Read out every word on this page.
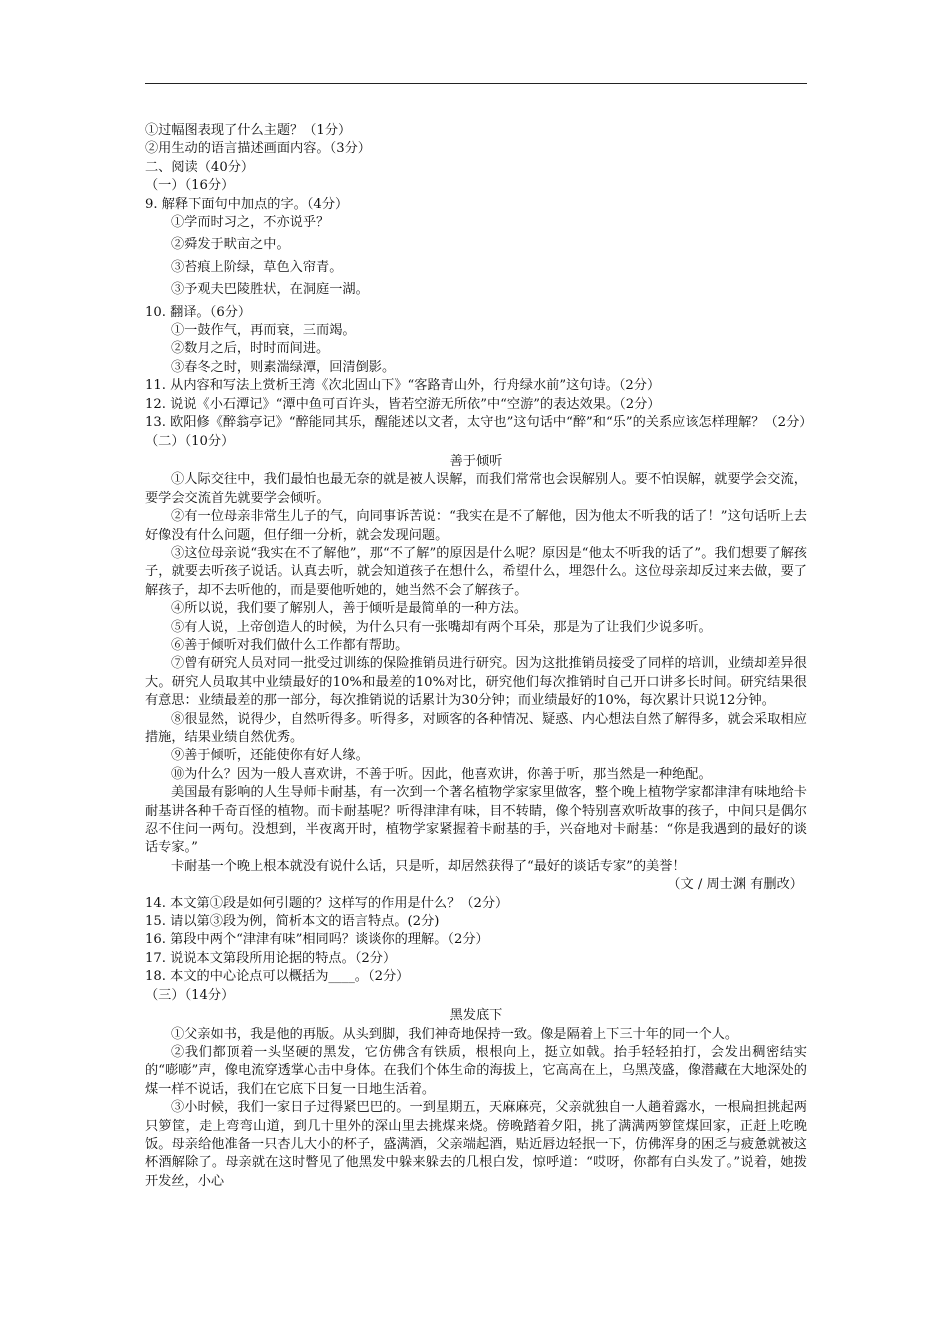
①过幅图表现了什么主题？（1分）
②用生动的语言描述画面内容。（3分）
二、阅读（40分）
（一）（16分）
9. 解释下面句中加点的字。（4分）
①学而时习之，不亦说乎？
②舜发于畎亩之中。
③苔痕上阶绿，草色入帘青。
③予观夫巴陵胜状，在洞庭一湖。
10. 翻译。（6分）
①一鼓作气，再而衰，三而竭。
②数月之后，时时而间进。
③春冬之时，则素湍绿潭，回清倒影。
11. 从内容和写法上赏析王湾《次北固山下》“客路青山外，行舟绿水前”这句诗。（2分）
12. 说说《小石潭记》“潭中鱼可百许头，皆若空游无所依”中“空游”的表达效果。（2分）
13. 欧阳修《醉翁亭记》“醉能同其乐，醒能述以文者，太守也”这句话中“醉”和“乐”的关系应该怎样理解？（2分）
（二）（10分）
善于倾听
①人际交往中，我们最怕也最无奈的就是被人误解，而我们常常也会误解别人。要不怕误解，就要学会交流，要学会交流首先就要学会倾听。
②有一位母亲非常生儿子的气，向同事诉苦说：“我实在是不了解他，因为他太不听我的话了！”这句话听上去好像没有什么问题，但仔细一分析，就会发现问题。
③这位母亲说“我实在不了解他”，那“不了解”的原因是什么呢？原因是“他太不听我的话了”。我们想要了解孩子，就要去听孩子说话。认真去听，就会知道孩子在想什么，希望什么，埋怨什么。这位母亲却反过来去做，要了解孩子，却不去听他的，而是要他听她的，她当然不会了解孩子。
④所以说，我们要了解别人，善于倾听是最简单的一种方法。
⑤有人说，上帝创造人的时候，为什么只有一张嘴却有两个耳朵，那是为了让我们少说多听。
⑥善于倾听对我们做什么工作都有帮助。
⑦曾有研究人员对同一批受过训练的保险推销员进行研究。因为这批推销员接受了同样的培训，业绩却差异很大。研究人员取其中业绩最好的10%和最差的10%对比，研究他们每次推销时自己开口讲多长时间。研究结果很有意思：业绩最差的那一部分，每次推销说的话累计为30分钟；而业绩最好的10%，每次累计只说12分钟。
⑧很显然，说得少，自然听得多。听得多，对顾客的各种情况、疑惑、内心想法自然了解得多，就会采取相应措施，结果业绩自然优秀。
⑨善于倾听，还能使你有好人缘。
⑩为什么？因为一般人喜欢讲，不善于听。因此，他喜欢讲，你善于听，那当然是一种绝配。
美国最有影响的人生导师卡耐基，有一次到一个著名植物学家家里做客，整个晚上植物学家都津津有味地给卡耐基讲各种千奇百怪的植物。而卡耐基呢？听得津津有味，目不转睛，像个特别喜欢听故事的孩子，中间只是偶尔忍不住问一两句。没想到，半夜离开时，植物学家紧握着卡耐基的手，兴奋地对卡耐基：“你是我遇到的最好的谈话专家。”
卡耐基一个晚上根本就没有说什么话，只是听，却居然获得了“最好的谈话专家”的美誉！
（文 / 周士渊 有删改）
14. 本文第①段是如何引题的？这样写的作用是什么？（2分）
15. 请以第③段为例，简析本文的语言特点。(2分)
16. 第段中两个“津津有味”相同吗？谈谈你的理解。（2分）
17. 说说本文第段所用论据的特点。（2分）
18. 本文的中心论点可以概括为____。（2分）
（三）（14分）
黑发底下
①父亲如书，我是他的再版。从头到脚，我们神奇地保持一致。像是隔着上下三十年的同一个人。
②我们都顶着一头坚硬的黑发，它仿佛含有铁质，根根向上，挺立如戟。抬手轻轻拍打，会发出稠密结实的“嘭嘭”声，像电流穿透掌心击中身体。在我们个体生命的海拔上，它高高在上，乌黑茂盛，像潜藏在大地深处的煤一样不说话，我们在它底下日复一日地生活着。
③小时候，我们一家日子过得紧巴巴的。一到星期五，天麻麻亮，父亲就独自一人趟着露水，一根扁担挑起两只箩筐，走上弯弯山道，到几十里外的深山里去挑煤来烧。傍晚踏着夕阳，挑了满满两箩筐煤回家，正赶上吃晚饭。母亲给他准备一只杏儿大小的杯子，盛满酒，父亲端起酒，贴近唇边轻抿一下，仿佛浑身的困乏与疲惫就被这杯酒解除了。母亲就在这时瞥见了他黑发中躲来躲去的几根白发，惊呼道：“哎呀，你都有白头发了。”说着，她拨开发丝，小心
